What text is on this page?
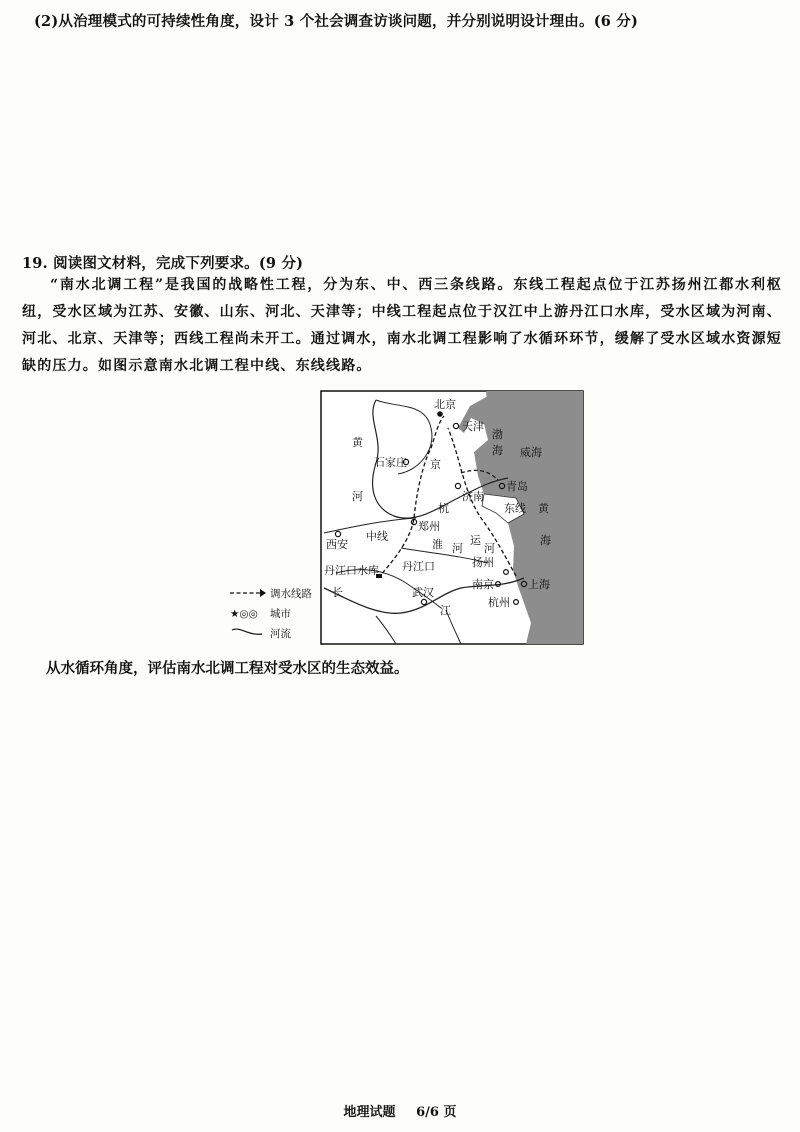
(2)从治理模式的可持续性角度，设计 3 个社会调查访谈问题，并分别说明设计理由。(6 分)
19. 阅读图文材料，完成下列要求。(9 分)
“南水北调工程”是我国的战略性工程，分为东、中、西三条线路。东线工程起点位于江苏扬州江都水利枢纽，受水区域为江苏、安徽、山东、河北、天津等；中线工程起点位于汉江中上游丹江口水库，受水区域为河南、河北、北京、天津等；西线工程尚未开工。通过调水，南水北调工程影响了水循环环节，缓解了受水区域水资源短缺的压力。如图示意南水北调工程中线、东线线路。
北京
天津
石家庄
济南
青岛
威海
郑州
西安
丹江口
丹江口水库
武汉
扬州
南京	上海
杭州
中线
东线
渤
海
黄
海
黄
河
京
杭
运
河
淮 河
长
江
调水线路
★◎◎ 城市
河流
从水循环角度，评估南水北调工程对受水区的生态效益。
地理试题 6/6 页
